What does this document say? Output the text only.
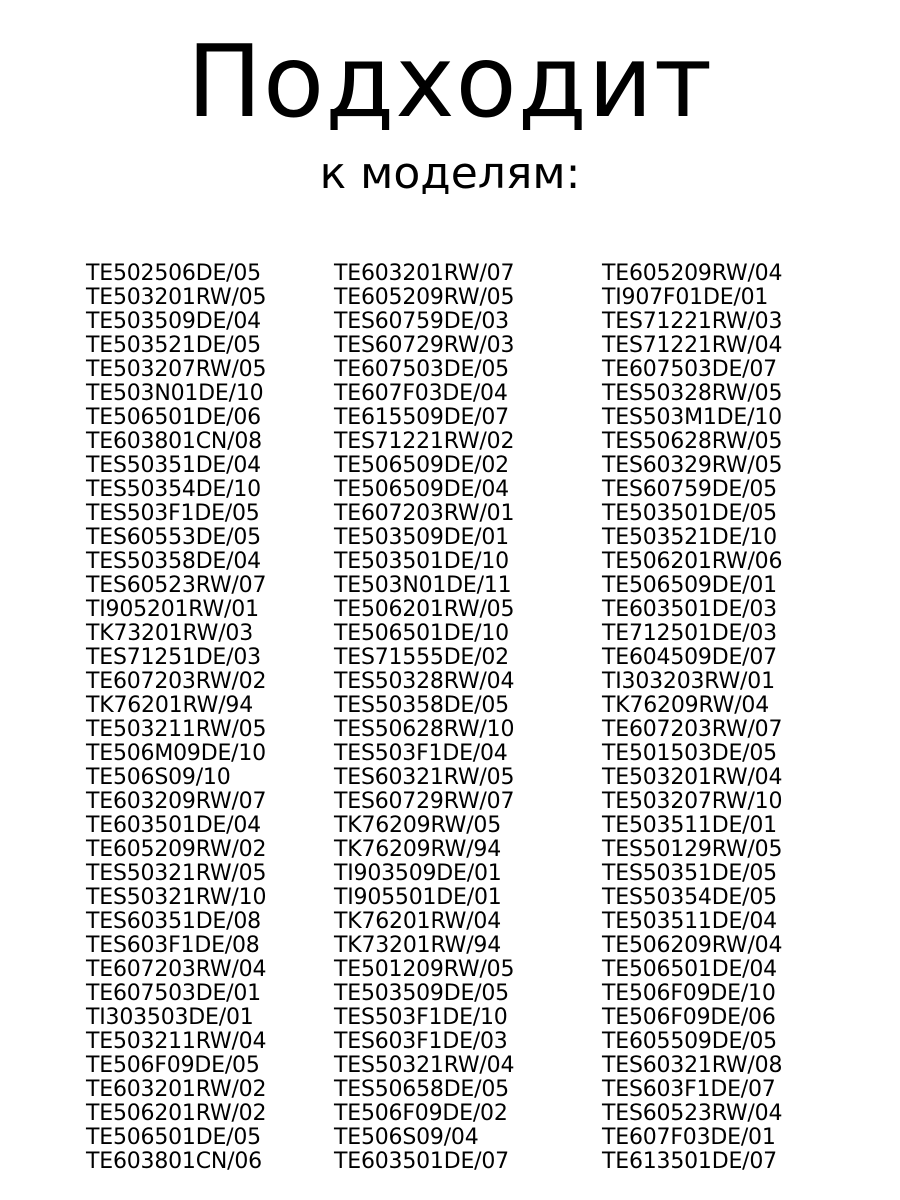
Подходит
к моделям:
TE502506DE/05
TE503201RW/05
TE503509DE/04
TE503521DE/05
TE503207RW/05
TE503N01DE/10
TE506501DE/06
TE603801CN/08
TES50351DE/04
TES50354DE/10
TES503F1DE/05
TES60553DE/05
TES50358DE/04
TES60523RW/07
TI905201RW/01
TK73201RW/03
TES71251DE/03
TE607203RW/02
TK76201RW/94
TE503211RW/05
TE506M09DE/10
TE506S09/10
TE603209RW/07
TE603501DE/04
TE605209RW/02
TES50321RW/05
TES50321RW/10
TES60351DE/08
TES603F1DE/08
TE607203RW/04
TE607503DE/01
TI303503DE/01
TE503211RW/04
TE506F09DE/05
TE603201RW/02
TE506201RW/02
TE506501DE/05
TE603801CN/06
TE603201RW/07
TE605209RW/05
TES60759DE/03
TES60729RW/03
TE607503DE/05
TE607F03DE/04
TE615509DE/07
TES71221RW/02
TE506509DE/02
TE506509DE/04
TE607203RW/01
TE503509DE/01
TE503501DE/10
TE503N01DE/11
TE506201RW/05
TE506501DE/10
TES71555DE/02
TES50328RW/04
TES50358DE/05
TES50628RW/10
TES503F1DE/04
TES60321RW/05
TES60729RW/07
TK76209RW/05
TK76209RW/94
TI903509DE/01
TI905501DE/01
TK76201RW/04
TK73201RW/94
TE501209RW/05
TE503509DE/05
TES503F1DE/10
TES603F1DE/03
TES50321RW/04
TES50658DE/05
TE506F09DE/02
TE506S09/04
TE603501DE/07
TE605209RW/04
TI907F01DE/01
TES71221RW/03
TES71221RW/04
TE607503DE/07
TES50328RW/05
TES503M1DE/10
TES50628RW/05
TES60329RW/05
TES60759DE/05
TE503501DE/05
TE503521DE/10
TE506201RW/06
TE506509DE/01
TE603501DE/03
TE712501DE/03
TE604509DE/07
TI303203RW/01
TK76209RW/04
TE607203RW/07
TE501503DE/05
TE503201RW/04
TE503207RW/10
TE503511DE/01
TES50129RW/05
TES50351DE/05
TES50354DE/05
TE503511DE/04
TE506209RW/04
TE506501DE/04
TE506F09DE/10
TE506F09DE/06
TE605509DE/05
TES60321RW/08
TES603F1DE/07
TES60523RW/04
TE607F03DE/01
TE613501DE/07
